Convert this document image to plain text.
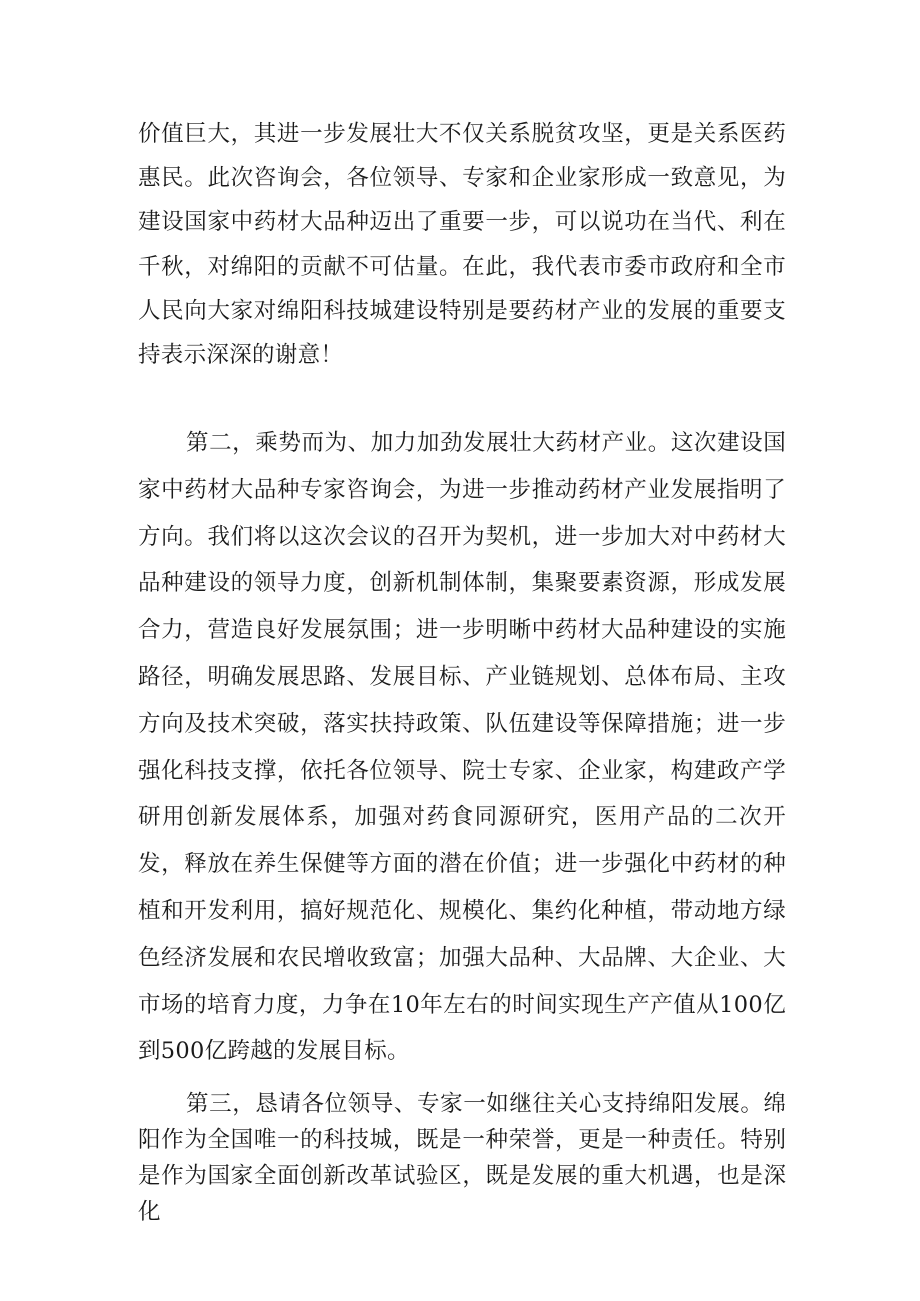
价值巨大，其进一步发展壮大不仅关系脱贫攻坚，更是关系医药惠民。此次咨询会，各位领导、专家和企业家形成一致意见，为建设国家中药材大品种迈出了重要一步，可以说功在当代、利在千秋，对绵阳的贡献不可估量。在此，我代表市委市政府和全市人民向大家对绵阳科技城建设特别是要药材产业的发展的重要支持表示深深的谢意！

第二，乘势而为、加力加劲发展壮大药材产业。这次建设国家中药材大品种专家咨询会，为进一步推动药材产业发展指明了方向。我们将以这次会议的召开为契机，进一步加大对中药材大品种建设的领导力度，创新机制体制，集聚要素资源，形成发展合力，营造良好发展氛围；进一步明晰中药材大品种建设的实施路径，明确发展思路、发展目标、产业链规划、总体布局、主攻方向及技术突破，落实扶持政策、队伍建设等保障措施；进一步强化科技支撑，依托各位领导、院士专家、企业家，构建政产学研用创新发展体系，加强对药食同源研究，医用产品的二次开发，释放在养生保健等方面的潜在价值；进一步强化中药材的种植和开发利用，搞好规范化、规模化、集约化种植，带动地方绿色经济发展和农民增收致富；加强大品种、大品牌、大企业、大市场的培育力度，力争在10年左右的时间实现生产产值从100亿到500亿跨越的发展目标。

第三，恳请各位领导、专家一如继往关心支持绵阳发展。绵阳作为全国唯一的科技城，既是一种荣誉，更是一种责任。特别是作为国家全面创新改革试验区，既是发展的重大机遇，也是深化
